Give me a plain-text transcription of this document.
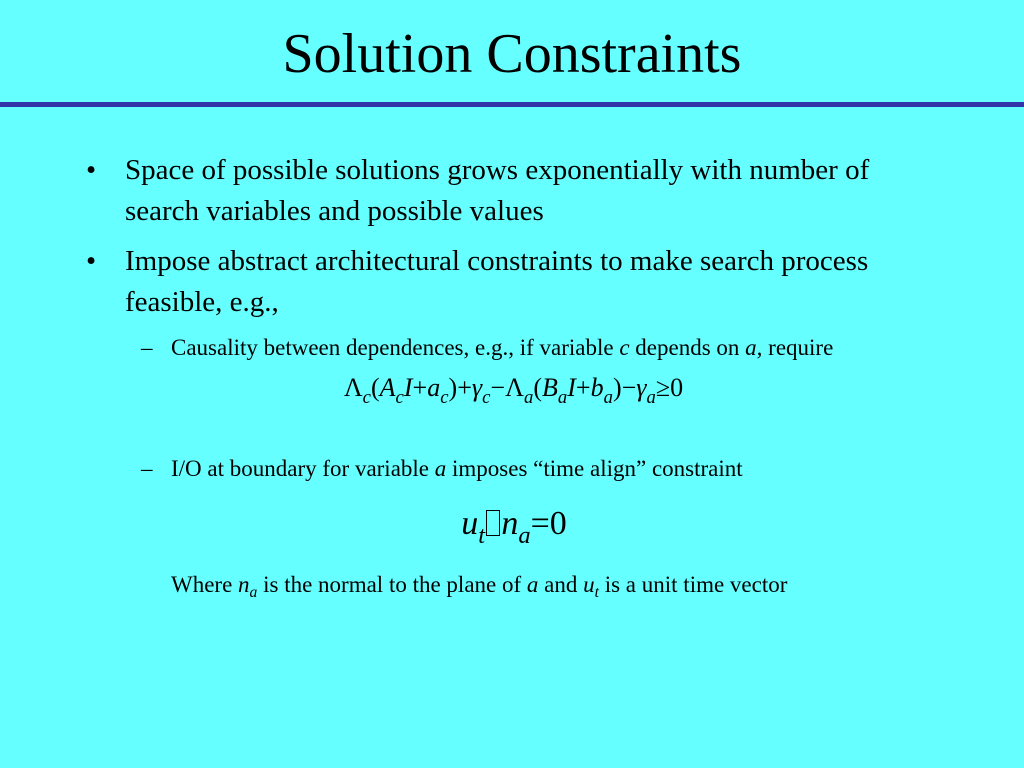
Solution Constraints
• Space of possible solutions grows exponentially with number of search variables and possible values
• Impose abstract architectural constraints to make search process feasible, e.g.,
– Causality between dependences, e.g., if variable c depends on a, require
$\Lambda_c(A_cI+a_c)+\gamma_c-\Lambda_a(B_aI+b_a)-\gamma_a\ge 0$
– I/O at boundary for variable a imposes “time align” constraint
$u_t$ $n_a=0$
Where $n_a$ is the normal to the plane of a and $u_t$ is a unit time vector
